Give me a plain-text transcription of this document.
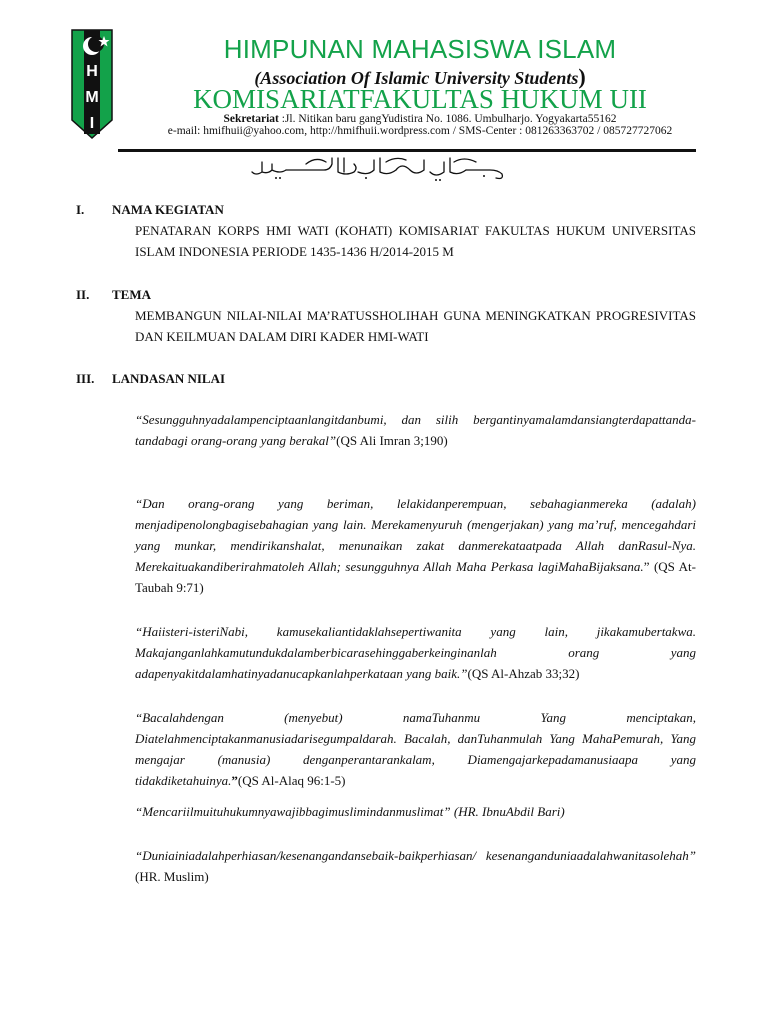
H
M
I
HIMPUNAN MAHASISWA ISLAM
(Association Of Islamic University Students)
KOMISARIATFAKULTAS HUKUM UII
Sekretariat :Jl. Nitikan baru gangYudistira No. 1086. Umbulharjo. Yogyakarta55162
e-mail: hmifhuii@yahoo.com, http://hmifhuii.wordpress.com / SMS-Center : 081263363702 / 085727727062
I. NAMA KEGIATAN
PENATARAN KORPS HMI WATI (KOHATI) KOMISARIAT FAKULTAS HUKUM UNIVERSITAS ISLAM INDONESIA PERIODE 1435-1436 H/2014-2015 M
II. TEMA
MEMBANGUN NILAI-NILAI MA’RATUSSHOLIHAH GUNA MENINGKATKAN PROGRESIVITAS DAN KEILMUAN DALAM DIRI KADER HMI-WATI
III. LANDASAN NILAI
“Sesungguhnyadalampenciptaanlangitdanbumi, dan silih bergantinyamalamdansiangterdapattanda-tandabagi orang-orang yang berakal”(QS Ali Imran 3;190)
“Dan orang-orang yang beriman, lelakidanperempuan, sebahagianmereka (adalah) menjadipenolongbagisebahagian yang lain. Merekamenyuruh (mengerjakan) yang ma’ruf, mencegahdari yang munkar, mendirikanshalat, menunaikan zakat danmerekataatpada Allah danRasul-Nya. Merekaituakandiberirahmatoleh Allah; sesungguhnya Allah Maha Perkasa lagiMahaBijaksana.” (QS At-Taubah 9:71)
“Haiisteri-isteriNabi, kamusekaliantidaklahsepertiwanita yang lain, jikakamubertakwa. Makajanganlahkamutundukdalamberbicarasehinggaberkeinginanlah orang yang adapenyakitdalamhatinyadanucapkanlahperkataan yang baik.”(QS Al-Ahzab 33;32)
“Bacalahdengan (menyebut) namaTuhanmu Yang menciptakan, Diatelahmenciptakanmanusiadarisegumpaldarah. Bacalah, danTuhanmulah Yang MahaPemurah, Yang mengajar (manusia) denganperantarankalam, Diamengajarkepadamanusiaapa yang tidakdiketahuinya.”(QS Al-Alaq 96:1-5)
“Mencariilmuituhukumnyawajibbagimuslimindanmuslimat” (HR. IbnuAbdil Bari)
“Duniainiadalahperhiasan/kesenangandansebaik-baikperhiasan/ kesenanganduniaadalahwanitasolehah” (HR. Muslim)
